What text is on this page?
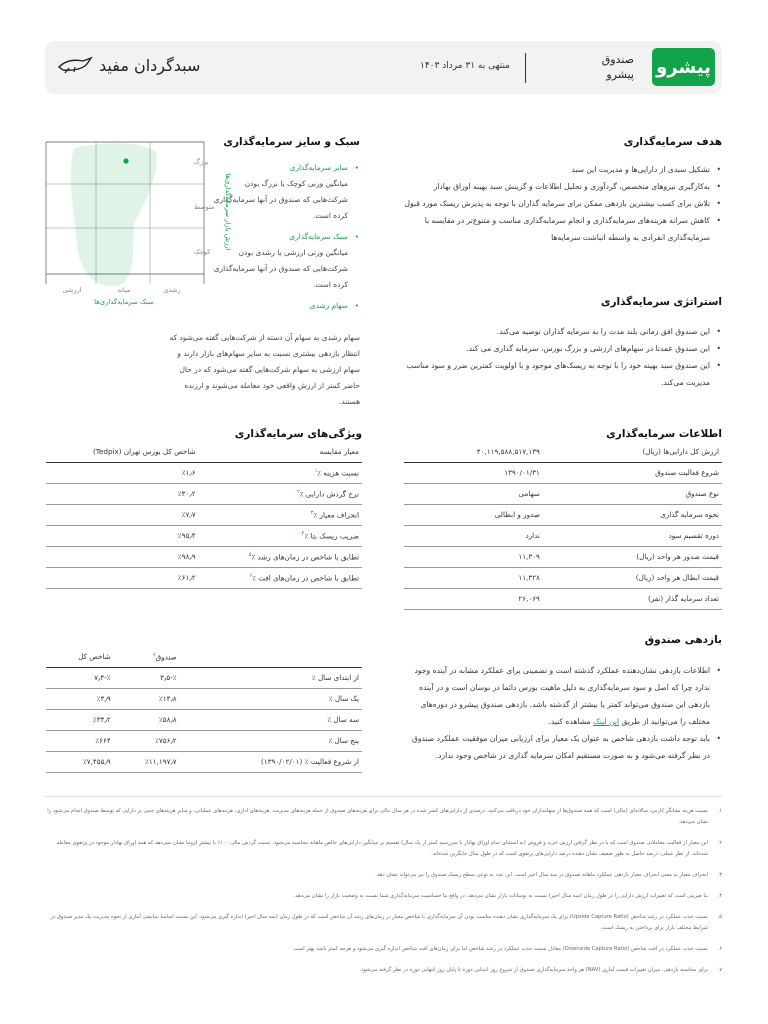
پیشرو
صندوق
پیشرو
منتهی به ۳۱ مرداد ۱۴۰۳
سبدگردان مفید
هدف سرمایه‌گذاری
• تشکیل سبدی از دارایی‌ها و مدیریت این سبد
• به‌کارگیری نیروهای متخصص، گردآوری و تحلیل اطلاعات و گزینش سبد بهینه اوراق بهادار
• تلاش برای کسب بیشترین بازدهی ممکن برای سرمایه گذاران با توجه به پذیرش ریسک مورد قبول
• کاهش سرانه هزینه‌های سرمایه‌گذاری و انجام سرمایه‌گذاری مناسب و متنوع‌تر در مقایسه با سرمایه‌گذاری انفرادی به واسطه انباشت سرمایه‌ها
استراتژی سرمایه‌گذاری
• این صندوق افق زمانی بلند مدت را به سرمایه گذاران توصیه می‌کند.
• این صندوق عمدتا در سهام‌های ارزشی و بزرگ بورس، سرمایه گذاری می کند.
• این صندوق سبد بهینه خود را با توجه به ریسک‌های موجود و با اولویت کمترین ضرر و سود مناسب مدیریت می‌کند.
سبک و سایز سرمایه‌گذاری
• سایز سرمایه‌گذاری
میانگین وزنی کوچک یا بزرگ بودن شرکت‌هایی که صندوق در آنها سرمایه‌گذاری کرده است.
• سبک سرمایه‌گذاری
میانگین وزنی ارزشی یا رشدی بودن شرکت‌هایی که صندوق در آنها سرمایه‌گذاری کرده است.
• سهام رشدی
سهام رشدی به سهام آن دسته از شرکت‌هایی گفته می‌شود که انتظار بازدهی بیشتری نسبت به سایر سهام‌های بازار دارند و سهام ارزشی به سهام شرکت‌هایی گفته می‌شود که در حال حاضر کمتر از ارزش واقعی خود معامله می‌شوند و ارزنده هستند.
بزرگ
متوسط
کوچک
ارزشی	میانه	رشدی
سبک سرمایه‌گذاری‌ها
ارزش بازار سرمایه‌گذاری‌ها
اطلاعات سرمایه‌گذاری
ارزش کل دارایی‌ها (ریال)	۴۰,۱۱۹,۵۸۸,۵۱۷,۱۳۹
شروع فعالیت صندوق	۱۳۹۰/۰۱/۳۱
نوع صندوق	سهامی
نحوه سرمایه گذاری	صدور و ابطالی
دوره تقسیم سود	ندارد
قیمت صدور هر واحد (ریال)	۱۱,۳۰۹
قیمت ابطال هر واحد (ریال)	۱۱,۳۲۸
تعداد سرمایه گذار (نفر)	۲۶,۰۶۹
ویژگی‌های سرمایه‌گذاری
معیار مقایسه	شاخص کل بورس تهران (Tedpix)
نسبت هزینه ٪$^۱$	٪۱٫۶
نرخ گردش دارایی ٪$^۲$	٪۳۰٫۲
انحراف معیار ٪$^۳$	٪۷٫۷
ضریب ریسک بتا ٪$^۴$	٪۹۵٫۴
تطابق با شاخص در زمان‌های رشد ٪$^۵$	٪۹۸٫۹
تطابق با شاخص در زمان‌های افت ٪$^۶$	٪۶۱٫۲
بازدهی صندوق
• اطلاعات بازدهی نشان‌دهنده عملکرد گذشته است و تضمینی برای عملکرد مشابه در آینده وجود ندارد چرا که اصل و سود سرمایه‌گذاری به دلیل ماهیت بورس دائما در نوسان است و در آینده بازدهی این صندوق می‌تواند کمتر یا بیشتر از گذشته باشد. بازدهی صندوق پیشرو در دوره‌های مختلف را می‌توانید از طریق این لینک مشاهده کنید.
• باید توجه داشت بازدهی شاخص به عنوان یک معیار برای ارزیابی میزان موفقیت عملکرد صندوق در نظر گرفته می‌شود و به صورت مستقیم امکان سرمایه گذاری در شاخص وجود ندارد.
	صندوق$^۷$	شاخص کل
از ابتدای سال ٪	٪-۳٫۵	٪-۷٫۴
یک سال ٪	٪۱۴٫۸	٪۴٫۹
سه سال ٪	٪۵۸٫۸	٪۳۴٫۲
پنج سال ٪	٪۷۵۶٫۲	٪۶۶۴
از شروع فعالیت ٪ (۱۳۹۰/۰۲/۰۱)	٪۱۱,۱۹۷٫۷	٪۷,۴۵۵٫۹
۱.
نسبت هزینه نشانگر کارمزد سالانه‌ای (مالی) است که همه صندوق‌ها از سهامداران خود دریافت می‌کنند. درصدی از دارایی‌های کسر شده در هر سال مالی برای هزینه‌های صندوق از جمله هزینه‌های مدیریت، هزینه‌های اداری، هزینه‌های عملیاتی، و سایر هزینه‌های جنبی بر دارایی که توسط صندوق انجام می‌شود را نشان می‌دهد.
۲.
این معیار از فعالیت معاملاتی صندوق است که با در نظر گرفتن ارزش خرید و فروش (به استثنای تمام اوراق بهادار با سررسید کمتر از یک سال) تقسیم بر میانگین دارایی‌های خالص ماهانه محاسبه می‌شود. نسبت گردش مالی ۱۰۰٪ یا بیشتر لزوما نشان نمی‌دهد که همه اوراق بهادار موجود در پرتفوی معامله شده‌اند. از نظر عملی، درصد حاصل به طور ضعیف نشان دهنده درصد دارایی‌های پرتفوی است که در طول سال جایگزین شده‌اند.
۳.
انحراف معیار به معنی انحراف معیار بازدهی عملکرد ماهانه صندوق در سه سال اخیر است. این عدد به نوعی سطح ریسک صندوق را نیز می‌تواند نشان دهد.
۴.
بتا ضریبی است که تغییرات ارزش دارایی را در طول زمان (سه سال اخیر) نسبت به نوسانات بازار نشان می‌دهد. در واقع بتا حساسیت سرمایه‌گذاری شما نسبت به وضعیت بازار را نشان می‌دهد.
۵.
نسبت جذب عملکرد در رشد شاخص (Upside Capture Ratio) برای یک سرمایه‌گذاری نشان دهنده مناسب بودن آن سرمایه‌گذاری با شاخص معیار در زمان‌های رشد آن شاخص است که در طول زمان (سه سال اخیر) اندازه گیری می‌شود. این نسبت اساسا نمایشی آماری از نحوه مدیریت یک مدیر صندوق در شرایط مختلف بازار برای پرداختن به ریسک است.
۶.
نسبت جذب عملکرد در افت شاخص (Downside Capture Ratio) معادل نسبت جذب عملکرد در رشد شاخص اما برای زمان‌های افت شاخص اندازه گیری می‌شود و هرچه کمتر باشد بهتر است.
۷.
برای محاسبه بازدهی، میزان تغییرات قیمت آماری (NAV) هر واحد سرمایه‌گذاری صندوق از شروع روز ابتدایی دوره تا پایان روز انتهایی دوره در نظر گرفته می‌شود.
